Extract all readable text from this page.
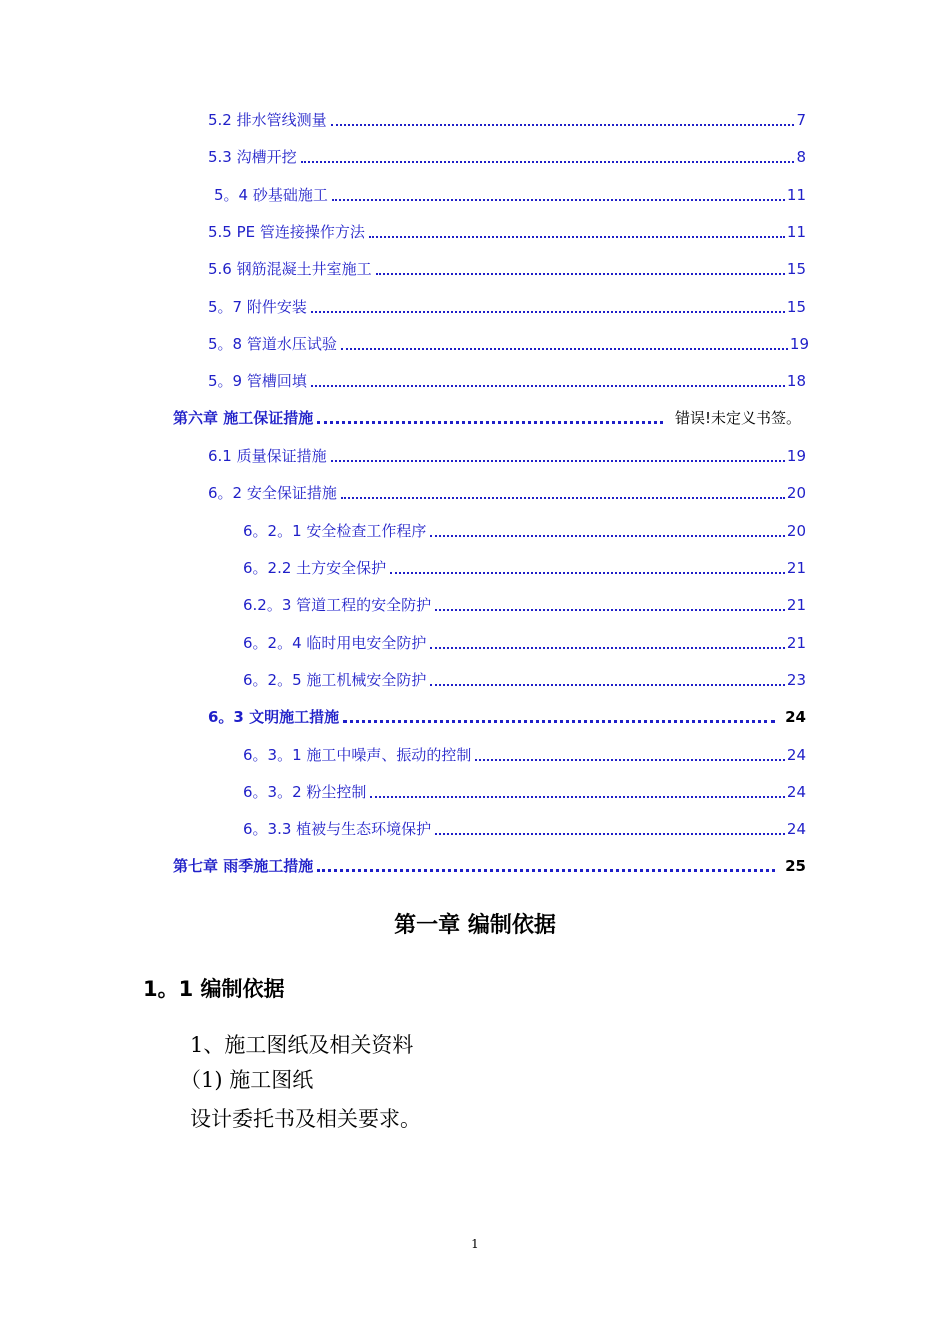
5.2 排水管线测量	7
5.3 沟槽开挖	8
5。4 砂基础施工	11
5.5 PE 管连接操作方法	11
5.6 钢筋混凝土井室施工	15
5。7 附件安装	15
5。8 管道水压试验	19
5。9 管槽回填	18
第六章 施工保证措施	错误!未定义书签。
6.1 质量保证措施	19
6。2 安全保证措施	20
6。2。1 安全检查工作程序	20
6。2.2 土方安全保护	21
6.2。3 管道工程的安全防护	21
6。2。4 临时用电安全防护	21
6。2。5 施工机械安全防护	23
6。3 文明施工措施	24
6。3。1 施工中噪声、振动的控制	24
6。3。2 粉尘控制	24
6。3.3 植被与生态环境保护	24
第七章 雨季施工措施	25
第一章 编制依据
1。1 编制依据
1、施工图纸及相关资料
（1) 施工图纸
设计委托书及相关要求。
1
